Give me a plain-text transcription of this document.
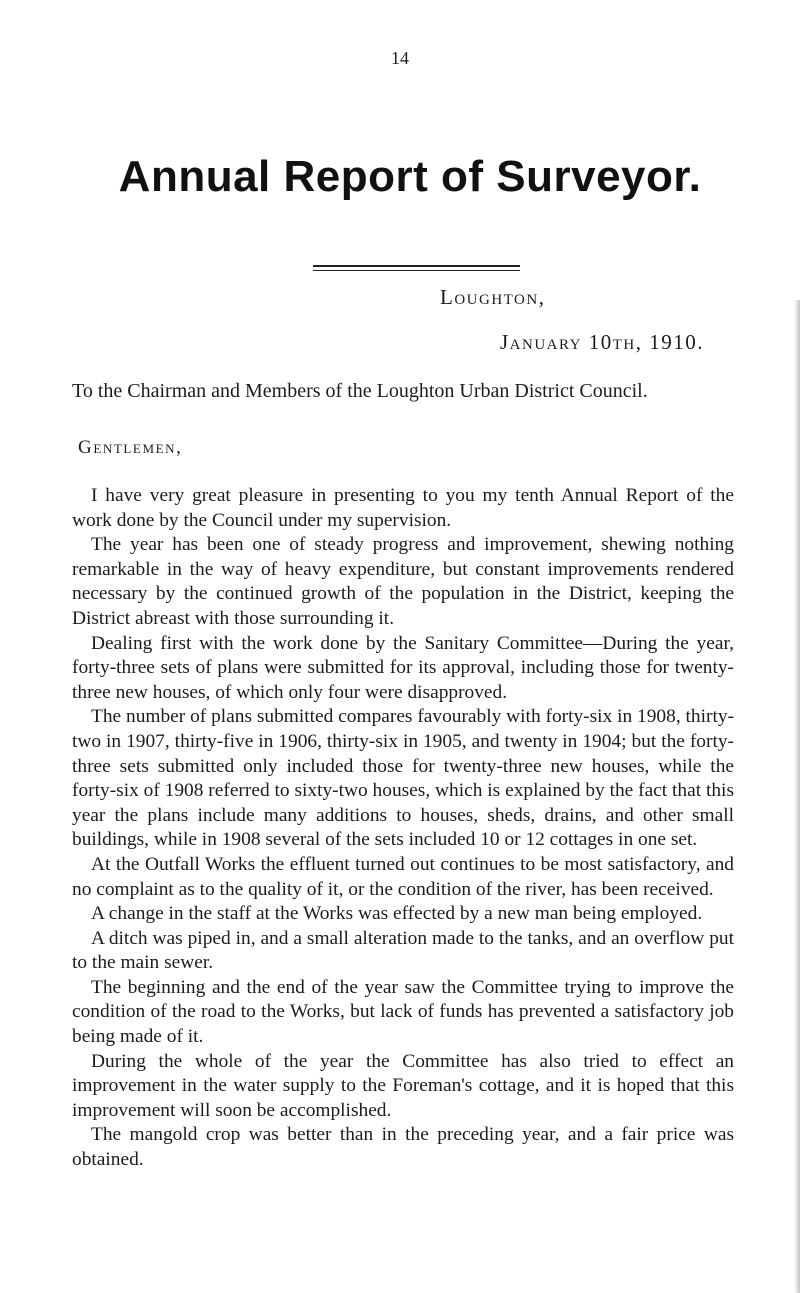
14
Annual Report of Surveyor.
Loughton,
January 10th, 1910.
To the Chairman and Members of the Loughton Urban District Council.
Gentlemen,

I have very great pleasure in presenting to you my tenth Annual Report of the work done by the Council under my supervision.

The year has been one of steady progress and improvement, shewing nothing remarkable in the way of heavy expenditure, but constant improvements rendered necessary by the continued growth of the population in the District, keeping the District abreast with those surrounding it.

Dealing first with the work done by the Sanitary Committee—During the year, forty-three sets of plans were submitted for its approval, including those for twenty-three new houses, of which only four were disapproved.

The number of plans submitted compares favourably with forty-six in 1908, thirty-two in 1907, thirty-five in 1906, thirty-six in 1905, and twenty in 1904; but the forty-three sets submitted only included those for twenty-three new houses, while the forty-six of 1908 referred to sixty-two houses, which is explained by the fact that this year the plans include many additions to houses, sheds, drains, and other small buildings, while in 1908 several of the sets included 10 or 12 cottages in one set.

At the Outfall Works the effluent turned out continues to be most satisfactory, and no complaint as to the quality of it, or the condition of the river, has been received.

A change in the staff at the Works was effected by a new man being employed.

A ditch was piped in, and a small alteration made to the tanks, and an overflow put to the main sewer.

The beginning and the end of the year saw the Committee trying to improve the condition of the road to the Works, but lack of funds has prevented a satisfactory job being made of it.

During the whole of the year the Committee has also tried to effect an improvement in the water supply to the Foreman's cottage, and it is hoped that this improvement will soon be accomplished.

The mangold crop was better than in the preceding year, and a fair price was obtained.
